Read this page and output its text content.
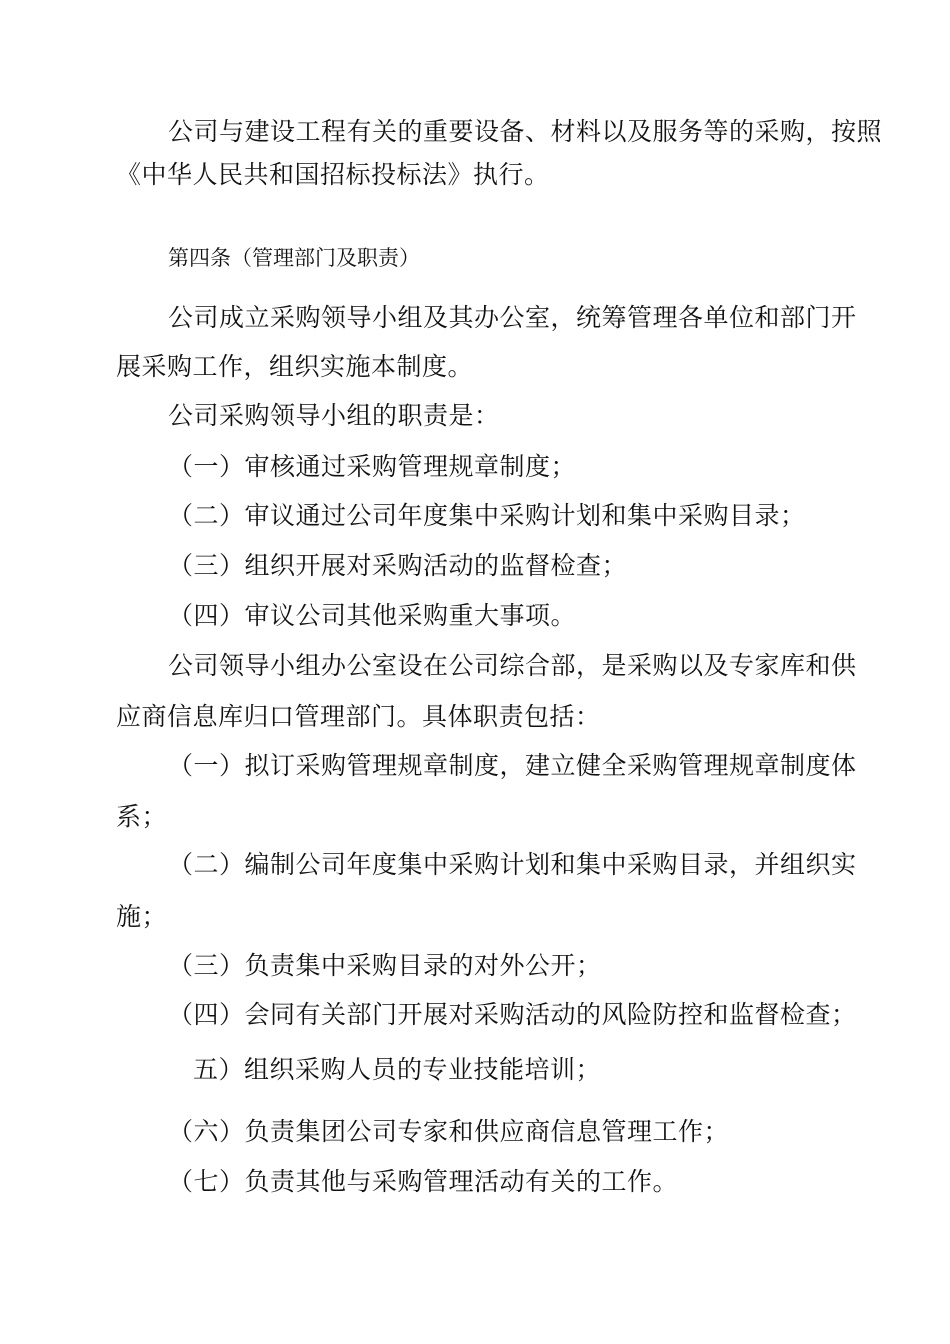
公司与建设工程有关的重要设备、材料以及服务等的采购，按照
《中华人民共和国招标投标法》执行。
第四条（管理部门及职责）
公司成立采购领导小组及其办公室，统筹管理各单位和部门开
展采购工作，组织实施本制度。
公司采购领导小组的职责是：
（一）审核通过采购管理规章制度；
（二）审议通过公司年度集中采购计划和集中采购目录；
（三）组织开展对采购活动的监督检查；
（四）审议公司其他采购重大事项。
公司领导小组办公室设在公司综合部，是采购以及专家库和供
应商信息库归口管理部门。具体职责包括：
（一）拟订采购管理规章制度，建立健全采购管理规章制度体
系；
（二）编制公司年度集中采购计划和集中采购目录，并组织实
施；
（三）负责集中采购目录的对外公开；
（四）会同有关部门开展对采购活动的风险防控和监督检查；
五）组织采购人员的专业技能培训；
（六）负责集团公司专家和供应商信息管理工作；
（七）负责其他与采购管理活动有关的工作。
